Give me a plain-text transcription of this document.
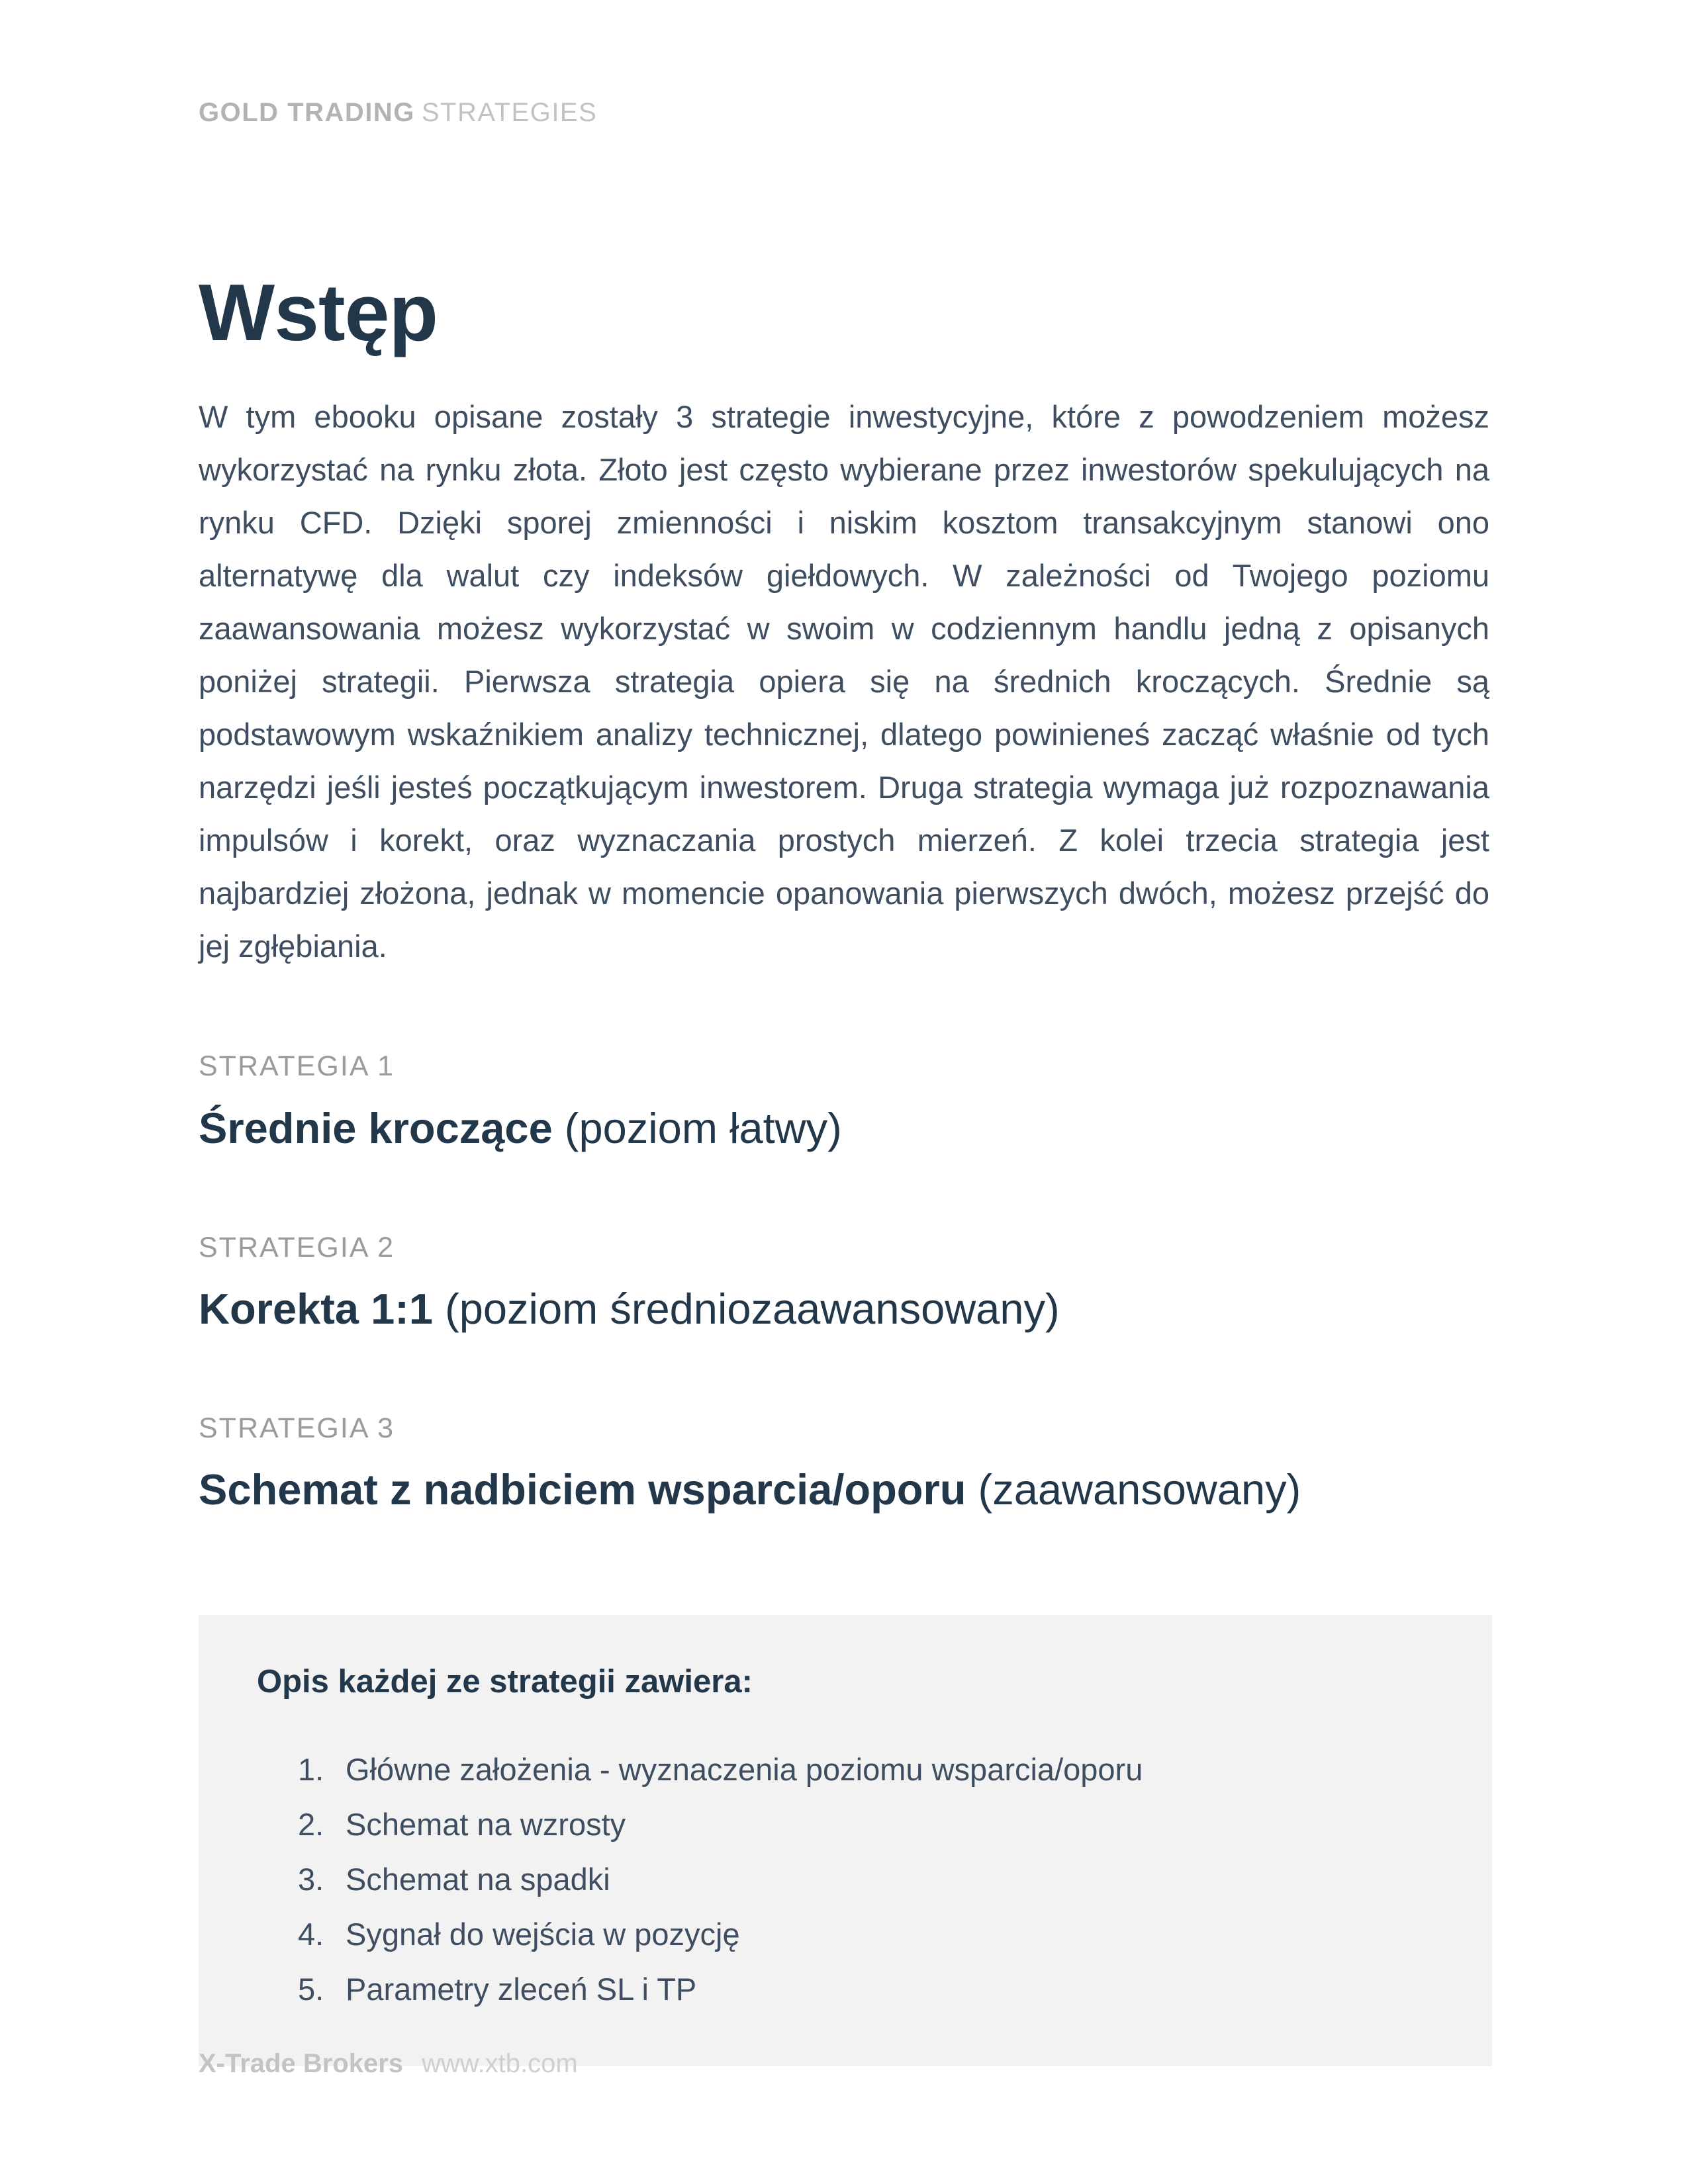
GOLD TRADING STRATEGIES
Wstęp

W tym ebooku opisane zostały 3 strategie inwestycyjne, które z powodzeniem możesz wykorzystać na rynku złota. Złoto jest często wybierane przez inwestorów spekulujących na rynku CFD. Dzięki sporej zmienności i niskim kosztom transakcyjnym stanowi ono alternatywę dla walut czy indeksów giełdowych. W zależności od Twojego poziomu zaawansowania możesz wykorzystać w swoim w codziennym handlu jedną z opisanych poniżej strategii. Pierwsza strategia opiera się na średnich kroczących. Średnie są podstawowym wskaźnikiem analizy technicznej, dlatego powinieneś zacząć właśnie od tych narzędzi jeśli jesteś początkującym inwestorem. Druga strategia wymaga już rozpoznawania impulsów i korekt, oraz wyznaczania prostych mierzeń. Z kolei trzecia strategia jest najbardziej złożona, jednak w momencie opanowania pierwszych dwóch, możesz przejść do jej zgłębiania.

STRATEGIA 1
Średnie kroczące (poziom łatwy)
STRATEGIA 2
Korekta 1:1 (poziom średniozaawansowany)
STRATEGIA 3
Schemat z nadbiciem wsparcia/oporu (zaawansowany)
Opis każdej ze strategii zawiera:
1. Główne założenia - wyznaczenia poziomu wsparcia/oporu
2. Schemat na wzrosty
3. Schemat na spadki
4. Sygnał do wejścia w pozycję
5. Parametry zleceń SL i TP
X-Trade Brokers www.xtb.com
